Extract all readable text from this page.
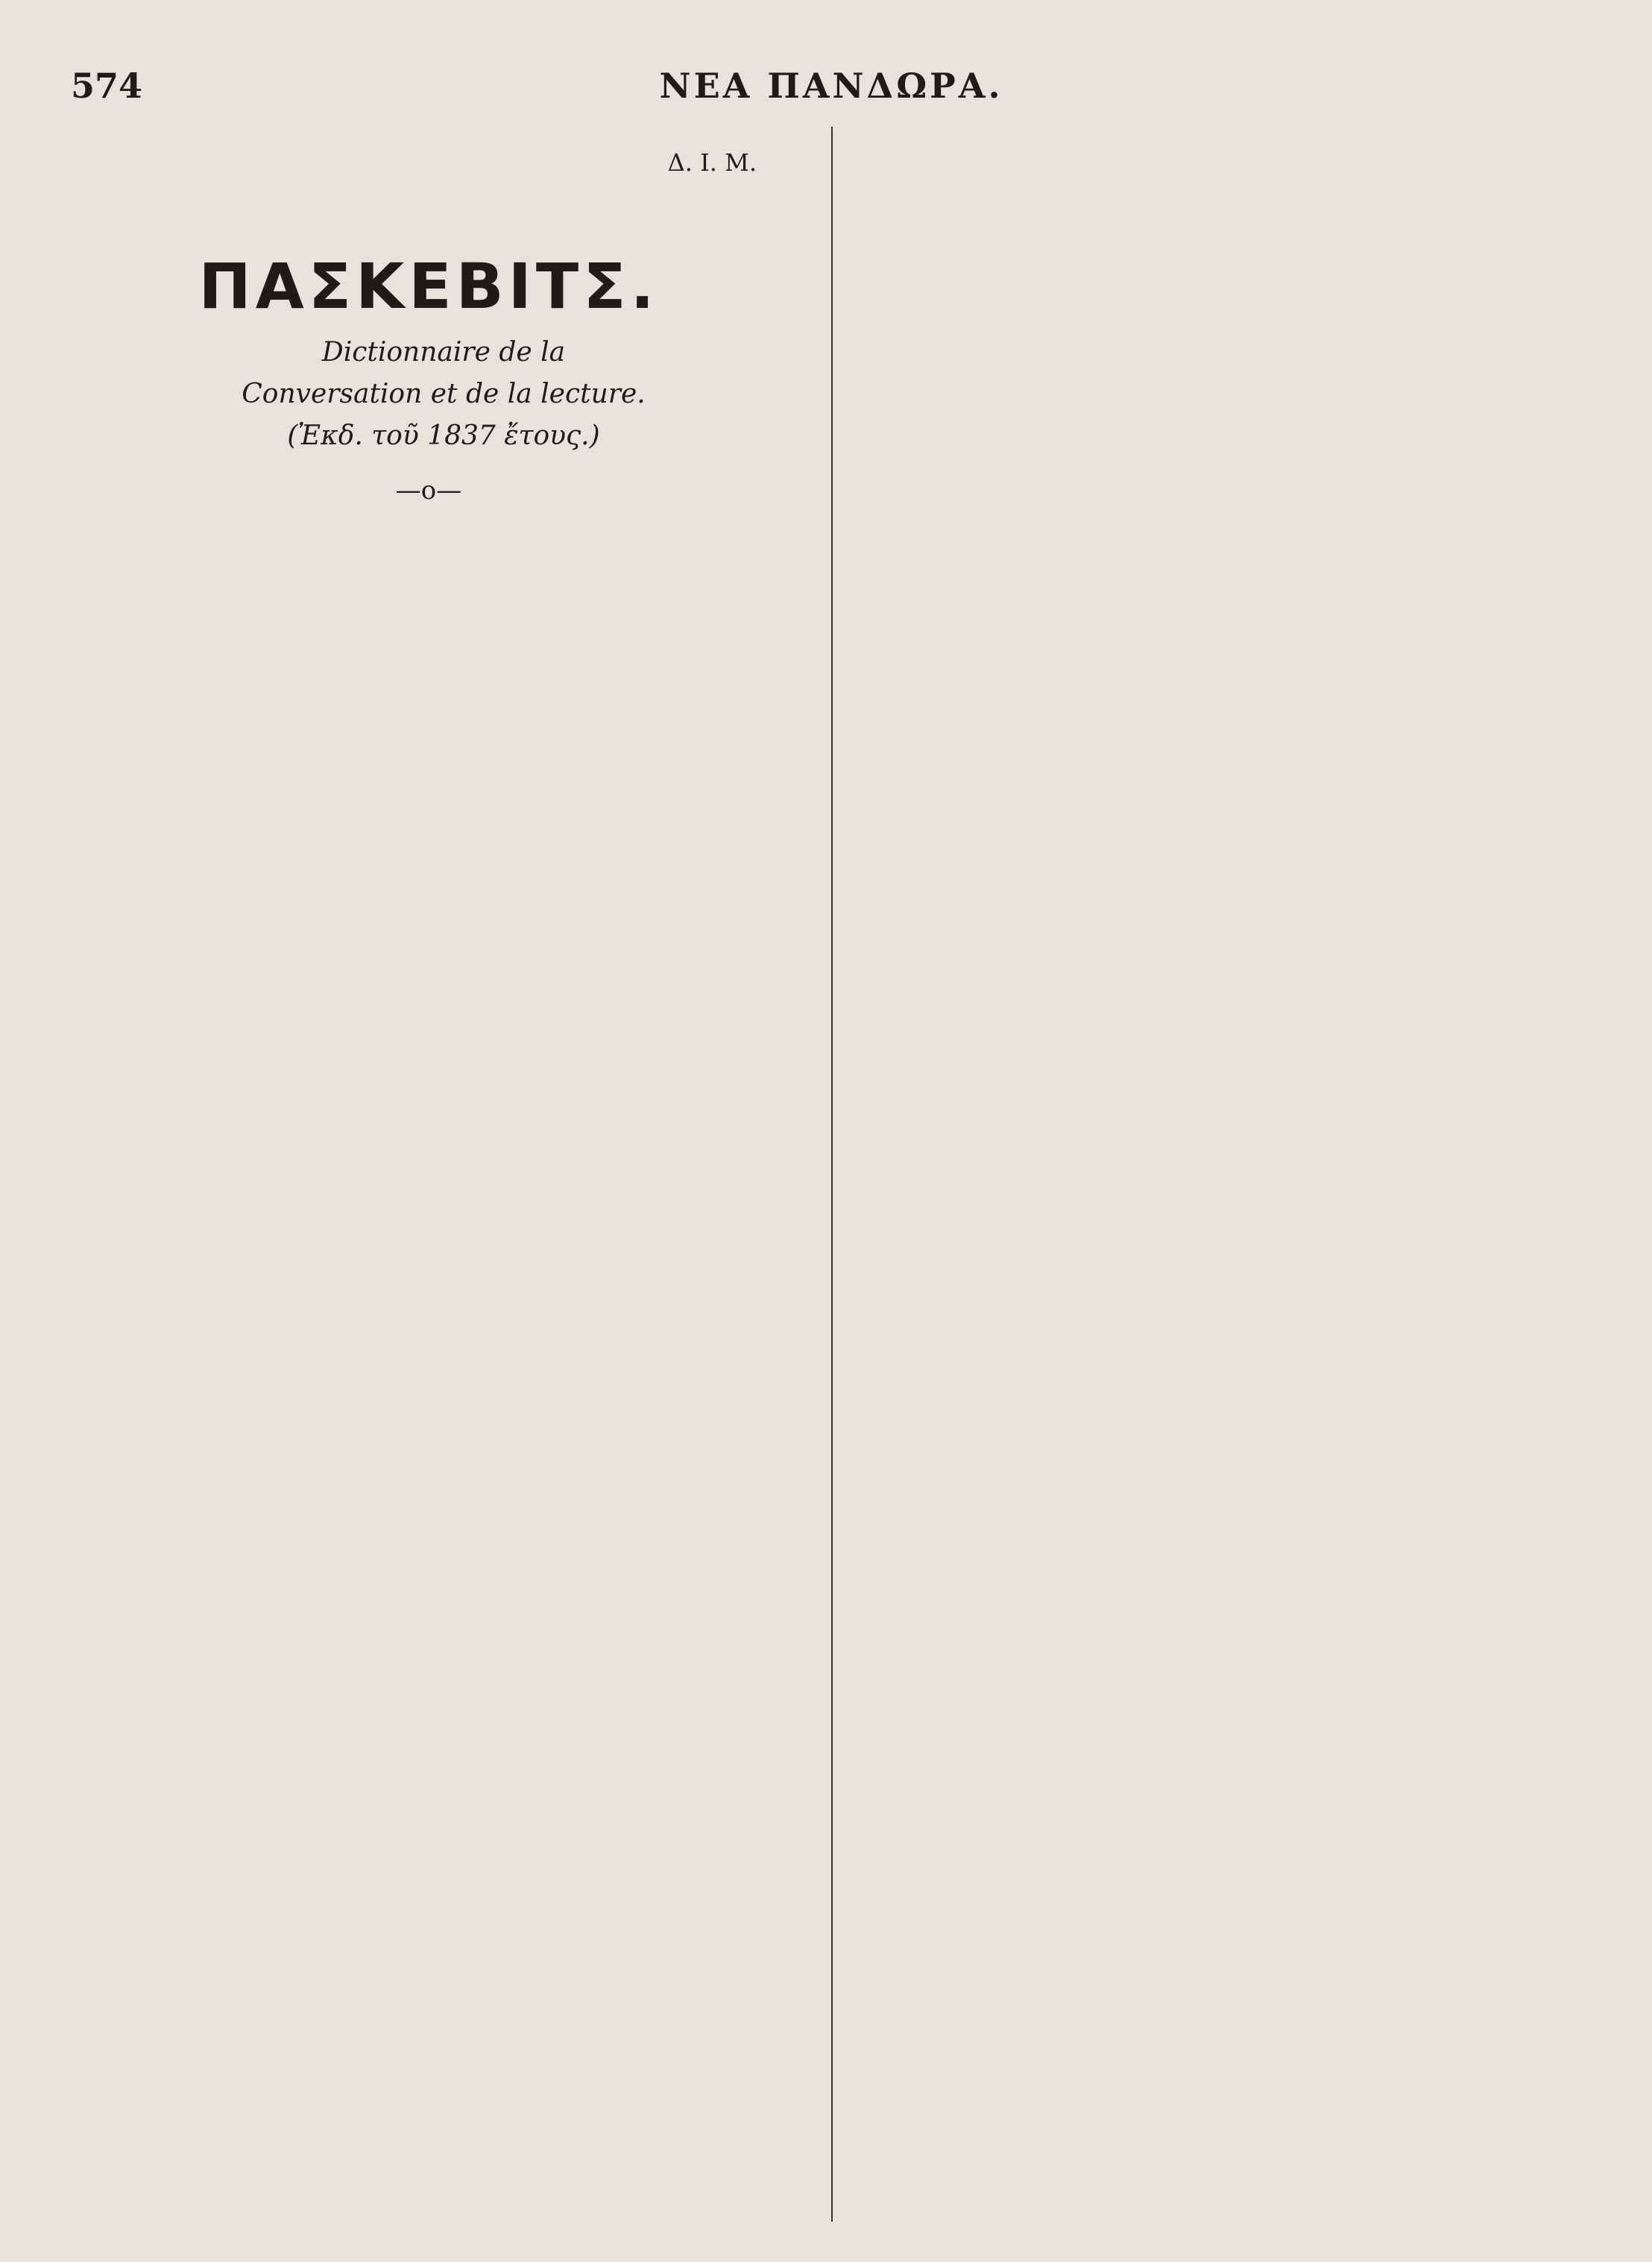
574	ΝΕΑ ΠΑΝΔΩΡΑ.
Δ. Ι. Μ.
ΠΑΣΚΕΒΙΤΣ.

Dictionnaire de la

Conversation et de la lecture.

(Ἐκδ. τοῦ 1837 ἔτους.)

—o—
